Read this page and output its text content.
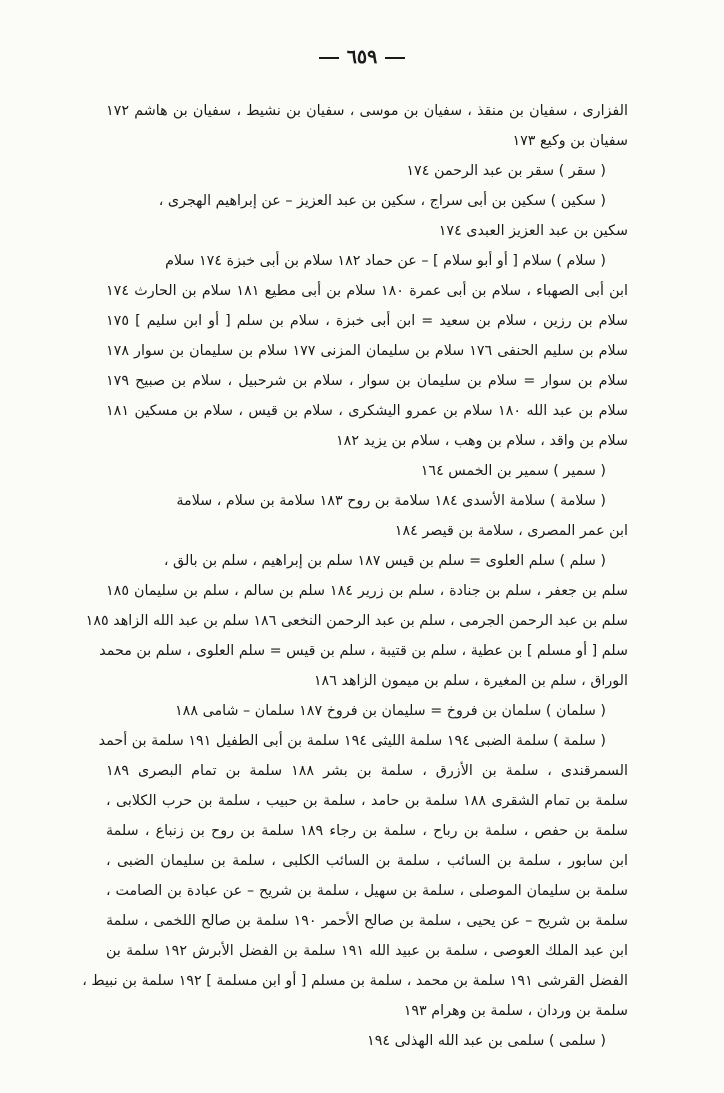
٦٥٩
الفزارى ، سفيان بن منقذ ، سفيان بن موسى ، سفيان بن نشيط ، سفيان بن هاشم ١٧٢
سفيان بن وكيع ١٧٣
( سقر ) سقر بن عبد الرحمن ١٧٤
( سكين ) سكين بن أبى سراج ، سكين بن عبد العزيز – عن إبراهيم الهجرى ،
سكين بن عبد العزيز العبدى ١٧٤
( سلام ) سلام [ أو أبو سلام ] – عن حماد ١٨٢ سلام بن أبى خبزة ١٧٤ سلام
ابن أبى الصهباء ، سلام بن أبى عمرة ١٨٠ سلام بن أبى مطيع ١٨١ سلام بن الحارث ١٧٤
سلام بن رزين ، سلام بن سعيد = ابن أبى خبزة ، سلام بن سلم [ أو ابن سليم ] ١٧٥
سلام بن سليم الحنفى ١٧٦ سلام بن سليمان المزنى ١٧٧ سلام بن سليمان بن سوار ١٧٨
سلام بن سوار = سلام بن سليمان بن سوار ، سلام بن شرحبيل ، سلام بن صبيح ١٧٩
سلام بن عبد الله ١٨٠ سلام بن عمرو اليشكرى ، سلام بن قيس ، سلام بن مسكين ١٨١
سلام بن واقد ، سلام بن وهب ، سلام بن يزيد ١٨٢
( سمير ) سمير بن الخمس ١٦٤
( سلامة ) سلامة الأسدى ١٨٤ سلامة بن روح ١٨٣ سلامة بن سلام ، سلامة
ابن عمر المصرى ، سلامة بن قيصر ١٨٤
( سلم ) سلم العلوى = سلم بن قيس ١٨٧ سلم بن إبراهيم ، سلم بن بالق ،
سلم بن جعفر ، سلم بن جنادة ، سلم بن زرير ١٨٤ سلم بن سالم ، سلم بن سليمان ١٨٥
سلم بن عبد الرحمن الجرمى ، سلم بن عبد الرحمن النخعى ١٨٦ سلم بن عبد الله الزاهد ١٨٥
سلم [ أو مسلم ] بن عطية ، سلم بن قتيبة ، سلم بن قيس = سلم العلوى ، سلم بن محمد
الوراق ، سلم بن المغيرة ، سلم بن ميمون الزاهد ١٨٦
( سلمان ) سلمان بن فروخ = سليمان بن فروخ ١٨٧ سلمان – شامى ١٨٨
( سلمة ) سلمة الضبى ١٩٤ سلمة الليثى ١٩٤ سلمة بن أبى الطفيل ١٩١ سلمة بن أحمد
السمرقندى ، سلمة بن الأزرق ، سلمة بن بشر ١٨٨ سلمة بن تمام البصرى ١٨٩
سلمة بن تمام الشقرى ١٨٨ سلمة بن حامد ، سلمة بن حبيب ، سلمة بن حرب الكلابى ،
سلمة بن حفص ، سلمة بن رباح ، سلمة بن رجاء ١٨٩ سلمة بن روح بن زنباع ، سلمة
ابن سابور ، سلمة بن السائب ، سلمة بن السائب الكلبى ، سلمة بن سليمان الضبى ،
سلمة بن سليمان الموصلى ، سلمة بن سهيل ، سلمة بن شريح – عن عبادة بن الصامت ،
سلمة بن شريح – عن يحيى ، سلمة بن صالح الأحمر ١٩٠ سلمة بن صالح اللخمى ، سلمة
ابن عبد الملك العوصى ، سلمة بن عبيد الله ١٩١ سلمة بن الفضل الأبرش ١٩٢ سلمة بن
الفضل القرشى ١٩١ سلمة بن محمد ، سلمة بن مسلم [ أو ابن مسلمة ] ١٩٢ سلمة بن نبيط ،
سلمة بن وردان ، سلمة بن وهرام ١٩٣
( سلمى ) سلمى بن عبد الله الهذلى ١٩٤
